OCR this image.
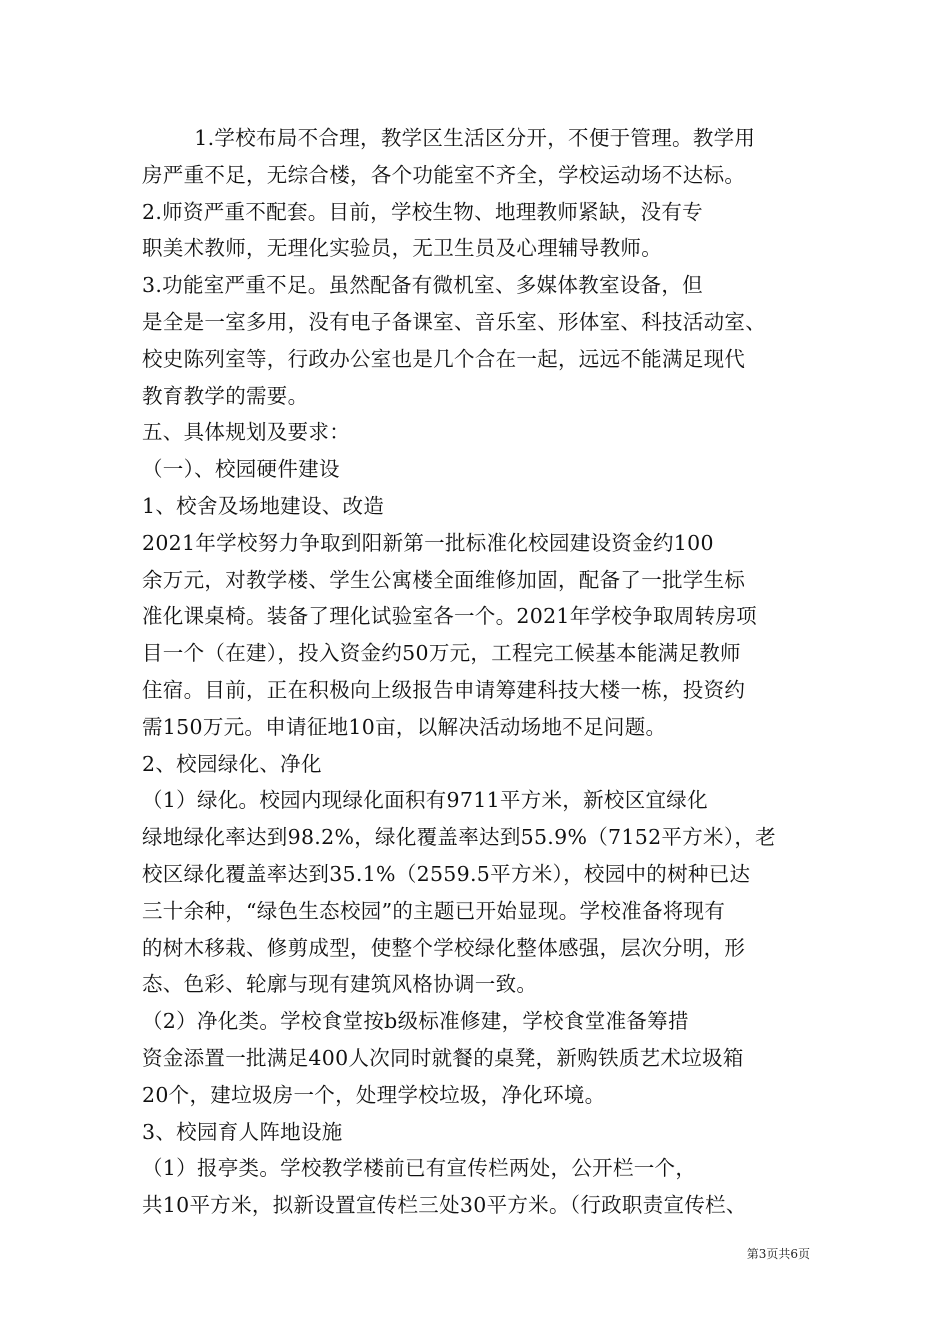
1.学校布局不合理，教学区生活区分开，不便于管理。教学用
房严重不足，无综合楼，各个功能室不齐全，学校运动场不达标。
2.师资严重不配套。目前，学校生物、地理教师紧缺，没有专
职美术教师，无理化实验员，无卫生员及心理辅导教师。
3.功能室严重不足。虽然配备有微机室、多媒体教室设备，但
是全是一室多用，没有电子备课室、音乐室、形体室、科技活动室、
校史陈列室等，行政办公室也是几个合在一起，远远不能满足现代
教育教学的需要。
五、具体规划及要求：
（一）、校园硬件建设
1、校舍及场地建设、改造
2021年学校努力争取到阳新第一批标准化校园建设资金约100
余万元，对教学楼、学生公寓楼全面维修加固，配备了一批学生标
准化课桌椅。装备了理化试验室各一个。2021年学校争取周转房项
目一个（在建），投入资金约50万元，工程完工候基本能满足教师
住宿。目前，正在积极向上级报告申请筹建科技大楼一栋，投资约
需150万元。申请征地10亩，以解决活动场地不足问题。
2、校园绿化、净化
（1）绿化。校园内现绿化面积有9711平方米，新校区宜绿化
绿地绿化率达到98.2%，绿化覆盖率达到55.9%（7152平方米），老
校区绿化覆盖率达到35.1%（2559.5平方米），校园中的树种已达
三十余种，“绿色生态校园”的主题已开始显现。学校准备将现有
的树木移栽、修剪成型，使整个学校绿化整体感强，层次分明，形
态、色彩、轮廓与现有建筑风格协调一致。
（2）净化类。学校食堂按b级标准修建，学校食堂准备筹措
资金添置一批满足400人次同时就餐的桌凳，新购铁质艺术垃圾箱
20个，建垃圾房一个，处理学校垃圾，净化环境。
3、校园育人阵地设施
（1）报亭类。学校教学楼前已有宣传栏两处，公开栏一个，
共10平方米，拟新设置宣传栏三处30平方米。（行政职责宣传栏、
第3页共6页
